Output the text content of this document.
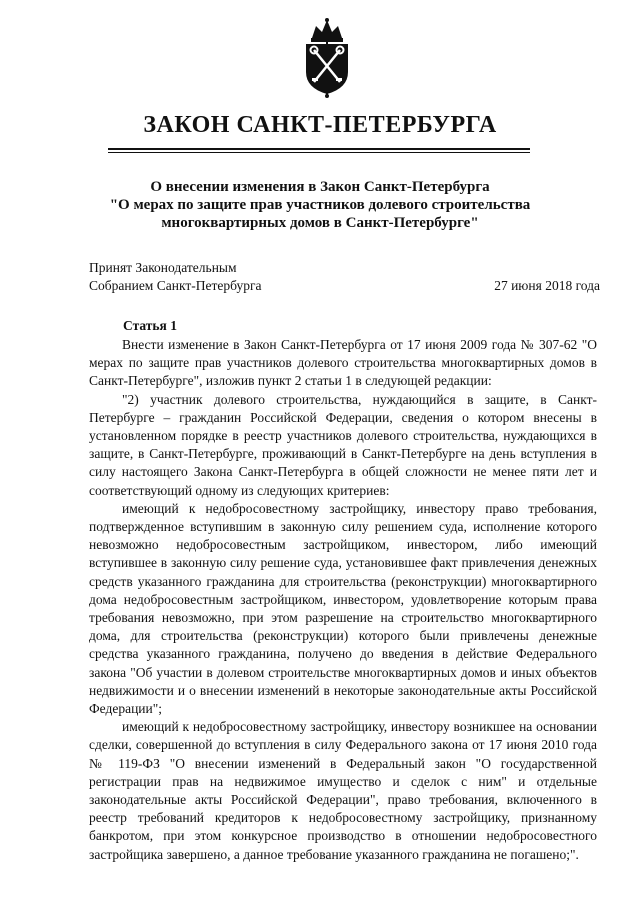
ЗАКОН САНКТ-ПЕТЕРБУРГА
О внесении изменения в Закон Санкт-Петербурга
"О мерах по защите прав участников долевого строительства
многоквартирных домов в Санкт-Петербурге"
Принят Законодательным
Собранием Санкт-Петербурга	27 июня 2018 года
Статья 1

Внести изменение в Закон Санкт-Петербурга от 17 июня 2009 года № 307-62 "О мерах по защите прав участников долевого строительства многоквартирных домов в Санкт-Петербурге", изложив пункт 2 статьи 1 в следующей редакции:

"2) участник долевого строительства, нуждающийся в защите, в Санкт-Петербурге – гражданин Российской Федерации, сведения о котором внесены в установленном порядке в реестр участников долевого строительства, нуждающихся в защите, в Санкт-Петербурге, проживающий в Санкт-Петербурге на день вступления в силу настоящего Закона Санкт-Петербурга в общей сложности не менее пяти лет и соответствующий одному из следующих критериев:

имеющий к недобросовестному застройщику, инвестору право требования, подтвержденное вступившим в законную силу решением суда, исполнение которого невозможно недобросовестным застройщиком, инвестором, либо имеющий вступившее в законную силу решение суда, установившее факт привлечения денежных средств указанного гражданина для строительства (реконструкции) многоквартирного дома недобросовестным застройщиком, инвестором, удовлетворение которым права требования невозможно, при этом разрешение на строительство многоквартирного дома, для строительства (реконструкции) которого были привлечены денежные средства указанного гражданина, получено до введения в действие Федерального закона "Об участии в долевом строительстве многоквартирных домов и иных объектов недвижимости и о внесении изменений в некоторые законодательные акты Российской Федерации";

имеющий к недобросовестному застройщику, инвестору возникшее на основании сделки, совершенной до вступления в силу Федерального закона от 17 июня 2010 года № 119-ФЗ "О внесении изменений в Федеральный закон "О государственной регистрации прав на недвижимое имущество и сделок с ним" и отдельные законодательные акты Российской Федерации", право требования, включенного в реестр требований кредиторов к недобросовестному застройщику, признанному банкротом, при этом конкурсное производство в отношении недобросовестного застройщика завершено, а данное требование указанного гражданина не погашено;".
